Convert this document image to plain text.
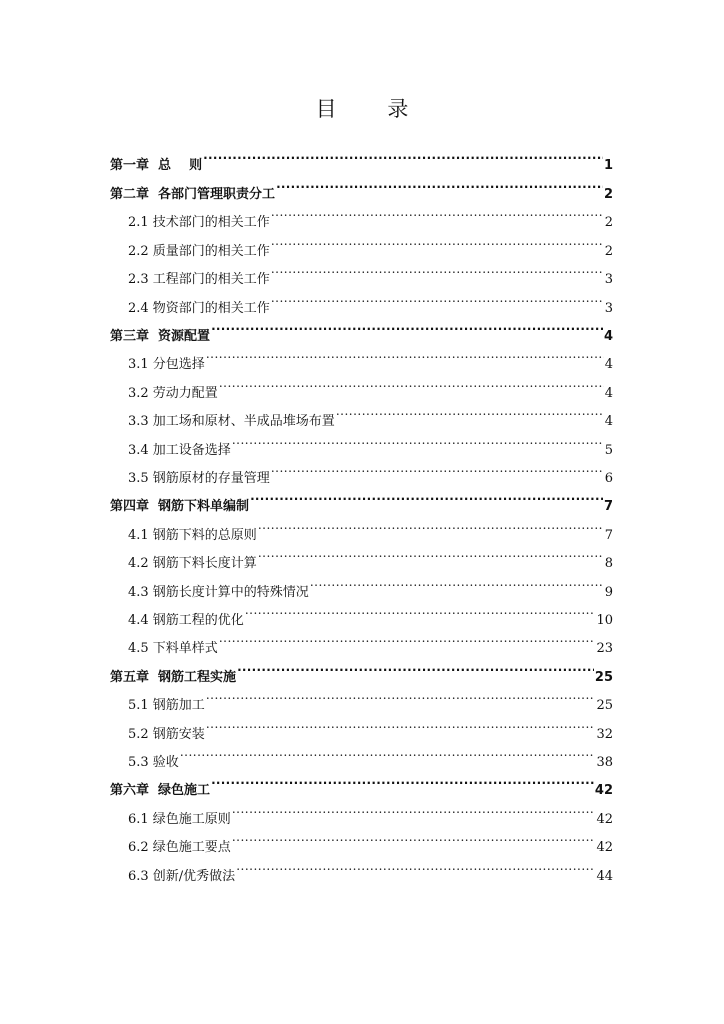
目 录
第一章  总    则 .....	1
第二章  各部门管理职责分工 .....	2
2.1 技术部门的相关工作 .....	2
2.2 质量部门的相关工作 .....	2
2.3 工程部门的相关工作 .....	3
2.4 物资部门的相关工作 .....	3
第三章  资源配置 .....	4
3.1 分包选择 .....	4
3.2 劳动力配置 .....	4
3.3 加工场和原材、半成品堆场布置 .....	4
3.4 加工设备选择 .....	5
3.5 钢筋原材的存量管理 .....	6
第四章  钢筋下料单编制 .....	7
4.1 钢筋下料的总原则 .....	7
4.2 钢筋下料长度计算 .....	8
4.3 钢筋长度计算中的特殊情况 .....	9
4.4 钢筋工程的优化 .....	10
4.5 下料单样式 .....	23
第五章  钢筋工程实施 .....	25
5.1 钢筋加工 .....	25
5.2 钢筋安装 .....	32
5.3 验收 .....	38
第六章  绿色施工 .....	42
6.1 绿色施工原则 .....	42
6.2 绿色施工要点 .....	42
6.3 创新/优秀做法 .....	44
